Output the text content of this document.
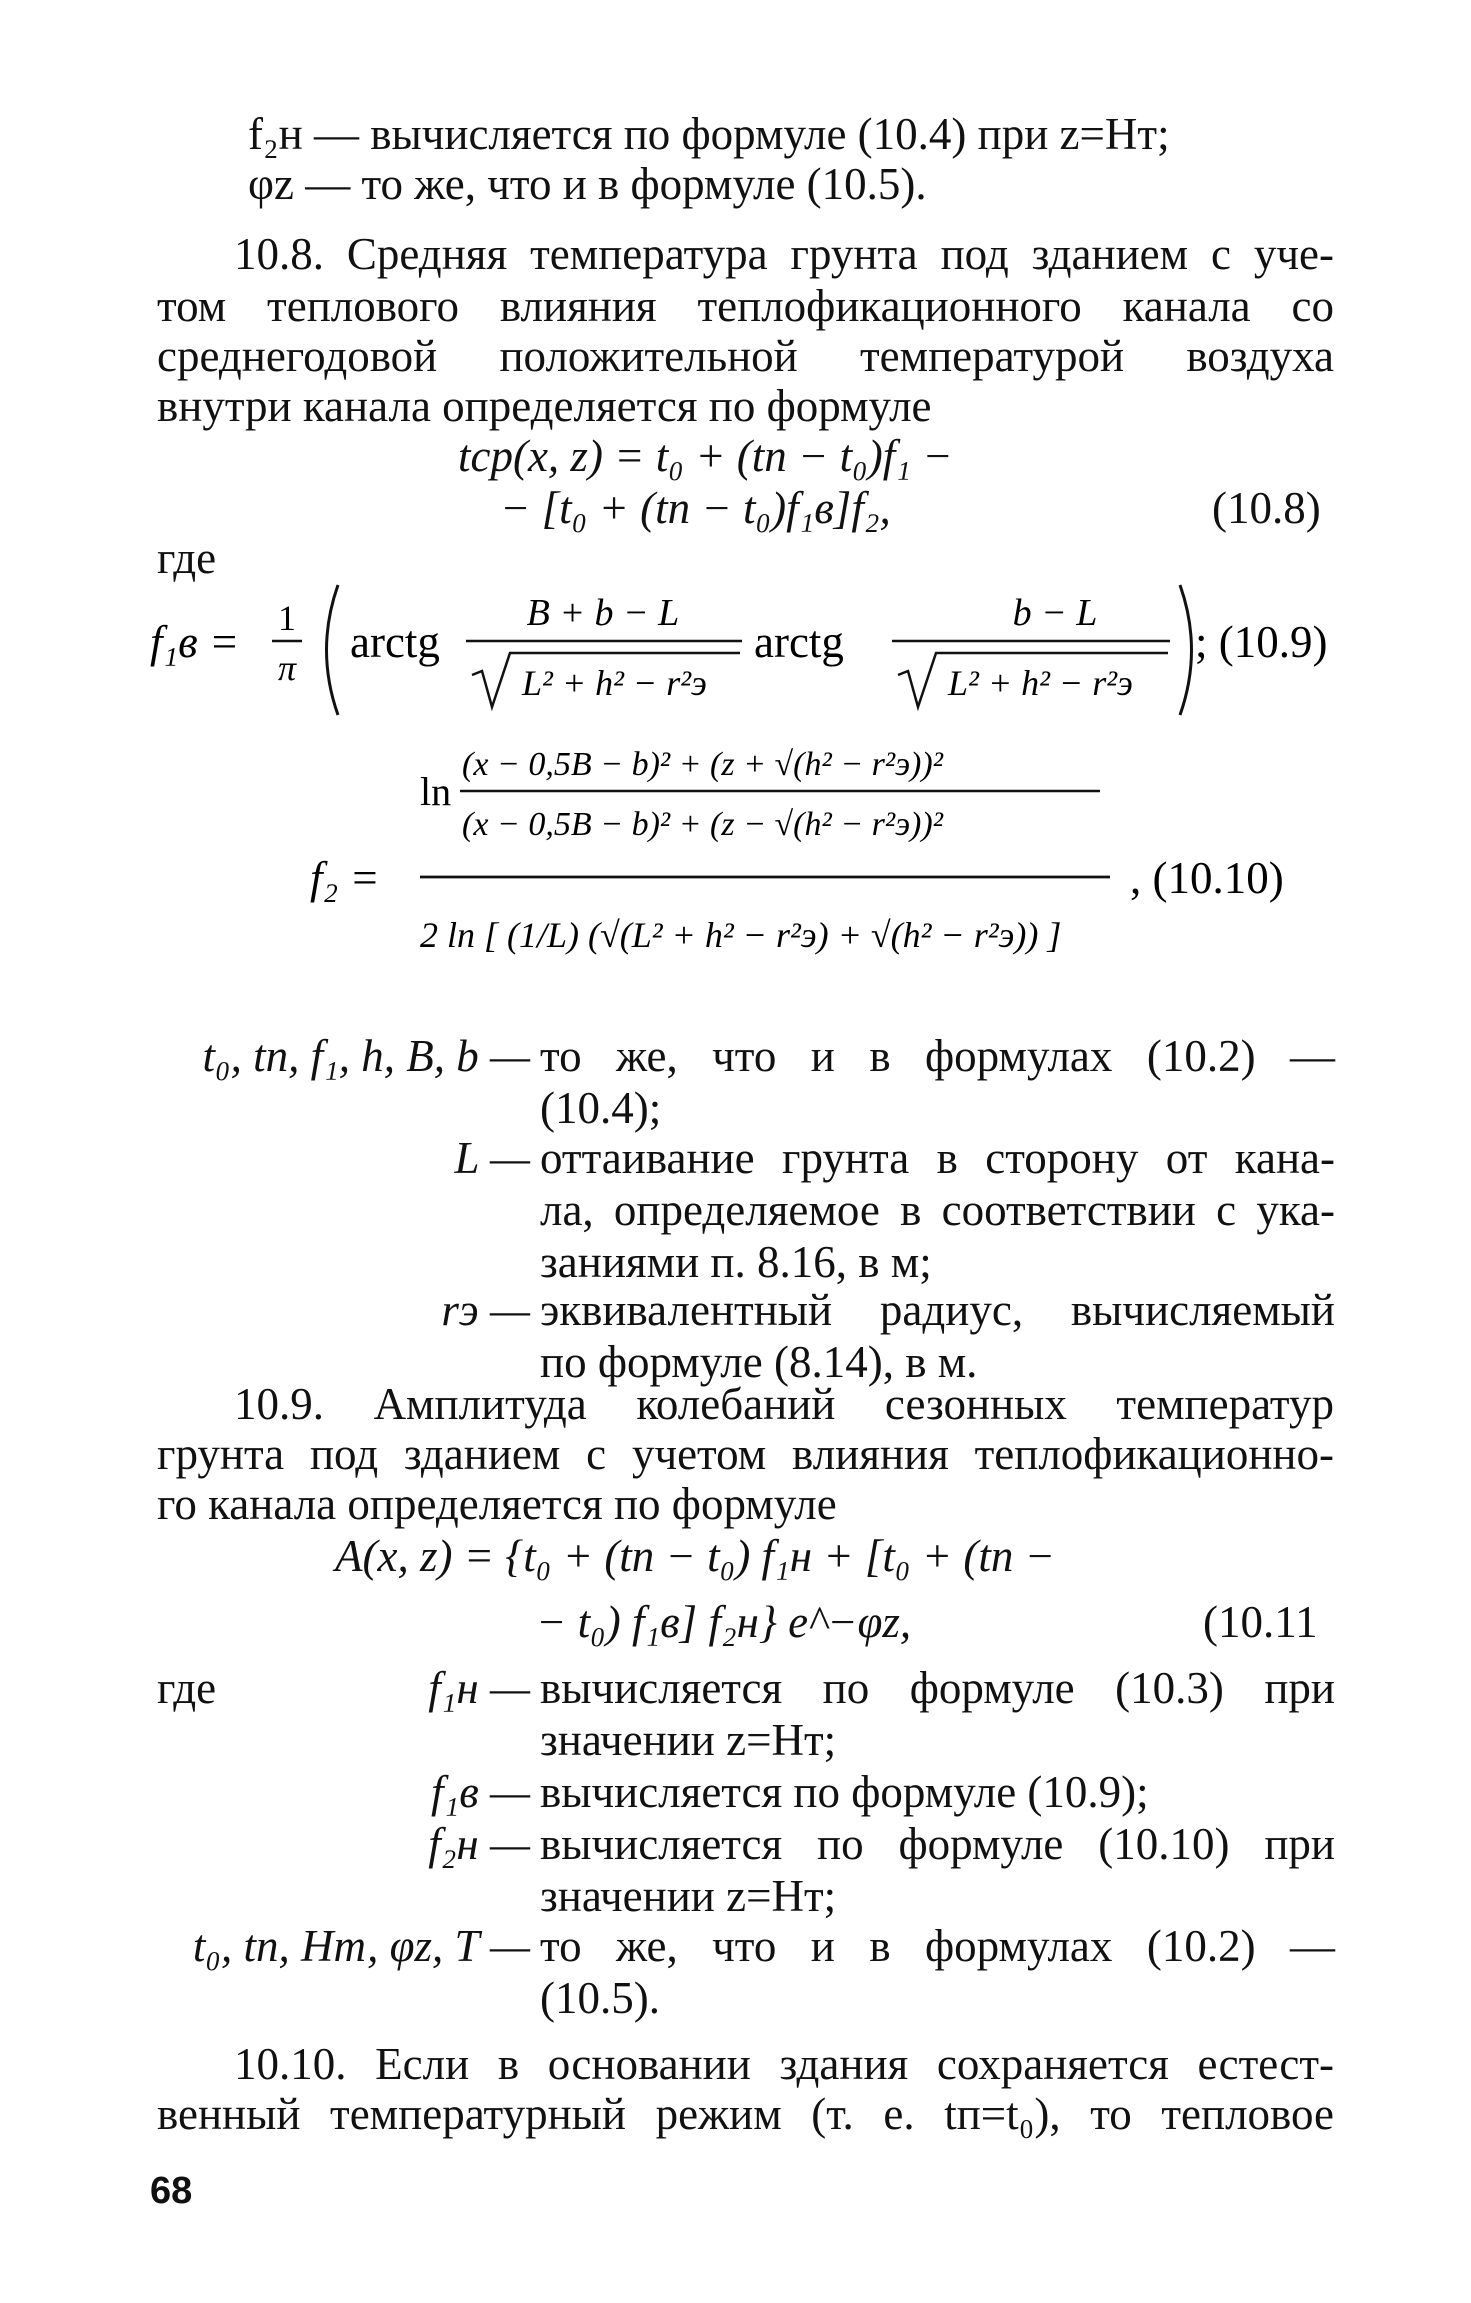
f₂н — вычисляется по формуле (10.4) при z=Hт;
φz — то же, что и в формуле (10.5).
10.8. Средняя температура грунта под зданием с уче-
том теплового влияния теплофикационного канала со
среднегодовой положительной температурой воздуха
внутри канала определяется по формуле
tср(x, z) = t₀ + (tп − t₀)f₁ −
− [t₀ + (tп − t₀)f₁в]f₂,	(10.8)
где
f₁в = 1
π
arctg
B + b − L
L² + h² − r²э
arctg
b − L
L² + h² − r²э
; (10.9)
f₂ =
ln
(x − 0,5B − b)² + (z + √(h² − r²э))²
(x − 0,5B − b)² + (z − √(h² − r²э))²
2 ln [ (1/L) (√(L² + h² − r²э) + √(h² − r²э)) ]
, (10.10)
t₀, tп, f₁, h, B, b — то же, что и в формулах (10.2) —
(10.4);
L — оттаивание грунта в сторону от кана-
ла, определяемое в соответствии с ука-
заниями п. 8.16, в м;
rэ — эквивалентный радиус, вычисляемый
по формуле (8.14), в м.
10.9. Амплитуда колебаний сезонных температур
грунта под зданием с учетом влияния теплофикационно-
го канала определяется по формуле
A(x, z) = {t₀ + (tп − t₀) f₁н + [t₀ + (tп −
− t₀) f₁в] f₂н} e^−φz,	(10.11
где	f₁н — вычисляется по формуле (10.3) при
значении z=Hт;
f₁в — вычисляется по формуле (10.9);
f₂н — вычисляется по формуле (10.10) при
значении z=Hт;
t₀, tп, Hт, φz, T — то же, что и в формулах (10.2) —
(10.5).
10.10. Если в основании здания сохраняется естест-
венный температурный режим (т. е. tп=t₀), то тепловое
68
